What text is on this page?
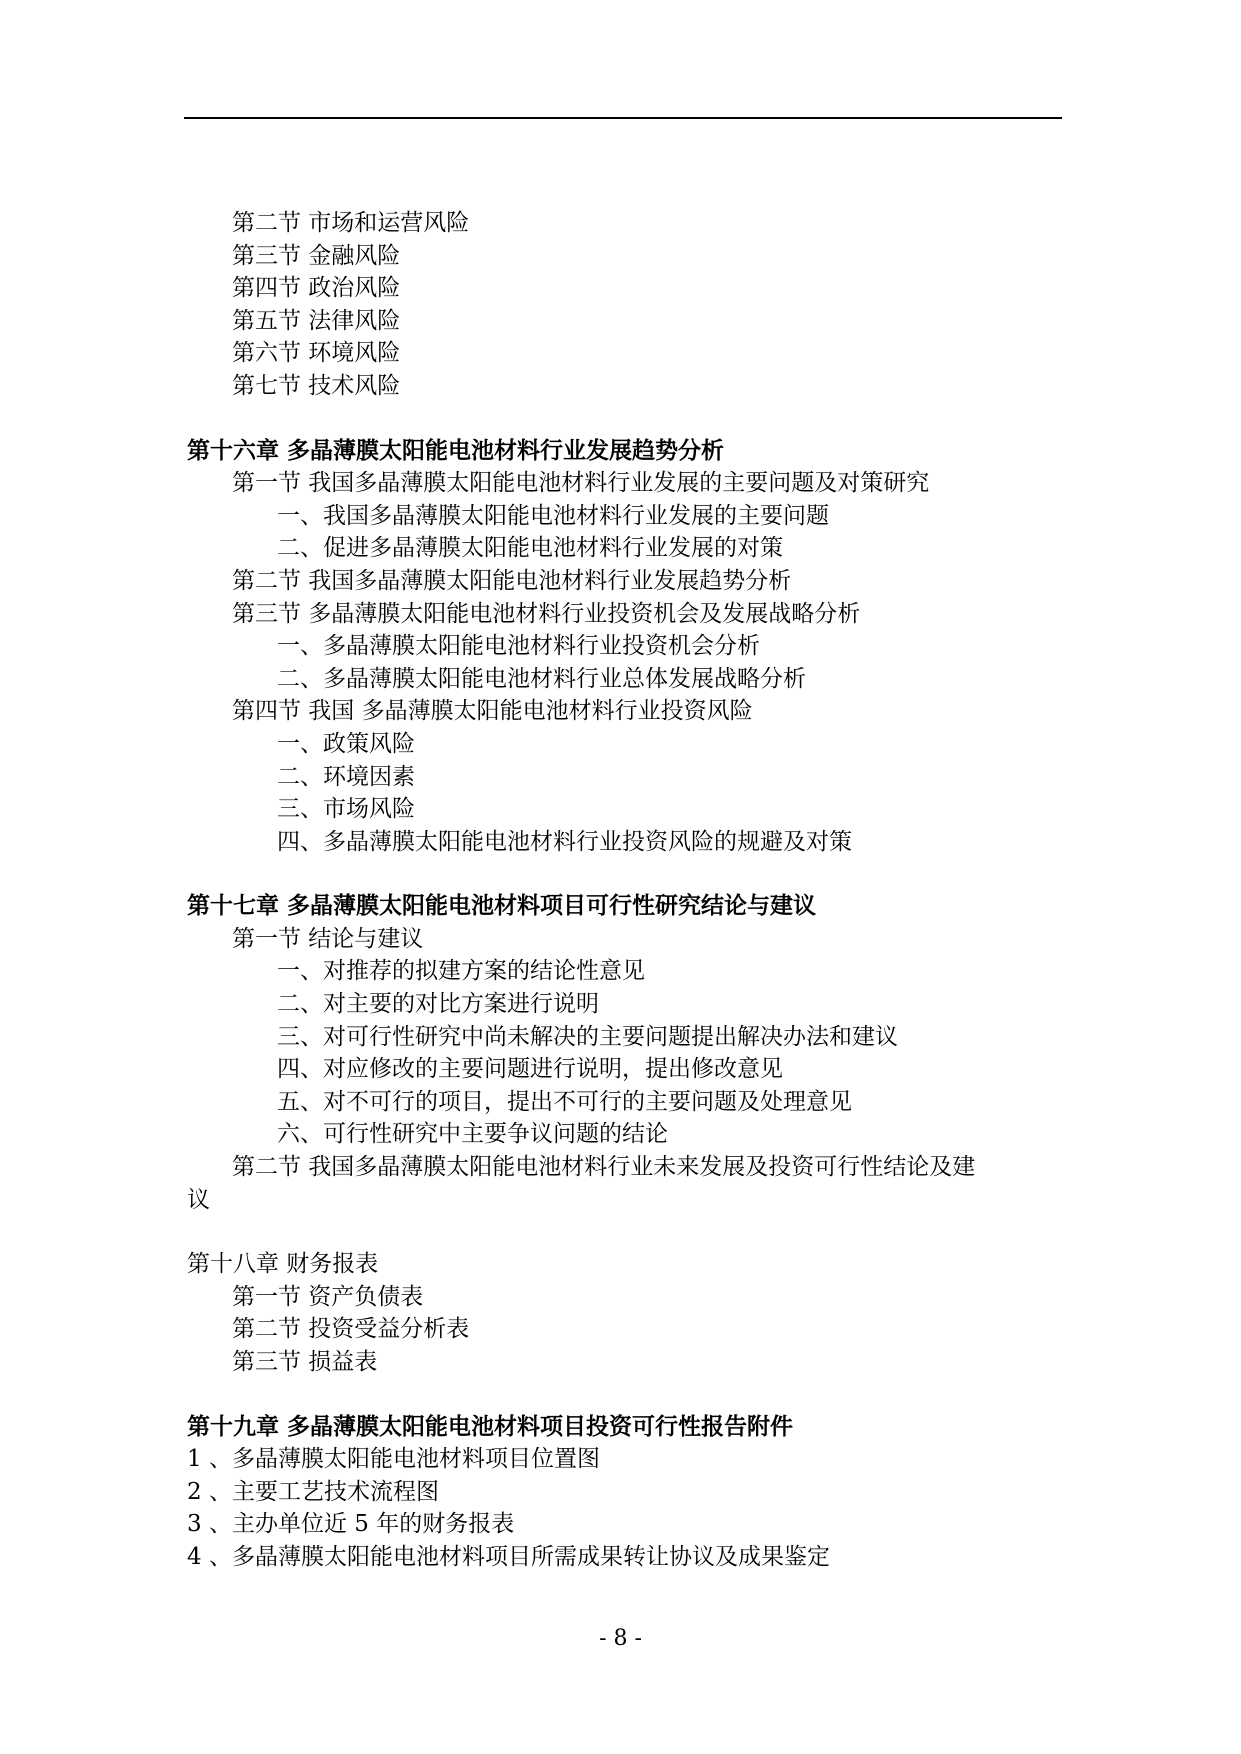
第二节 市场和运营风险
第三节 金融风险
第四节 政治风险
第五节 法律风险
第六节 环境风险
第七节 技术风险
第十六章 多晶薄膜太阳能电池材料行业发展趋势分析
第一节 我国多晶薄膜太阳能电池材料行业发展的主要问题及对策研究
一、我国多晶薄膜太阳能电池材料行业发展的主要问题
二、促进多晶薄膜太阳能电池材料行业发展的对策
第二节 我国多晶薄膜太阳能电池材料行业发展趋势分析
第三节 多晶薄膜太阳能电池材料行业投资机会及发展战略分析
一、多晶薄膜太阳能电池材料行业投资机会分析
二、多晶薄膜太阳能电池材料行业总体发展战略分析
第四节 我国 多晶薄膜太阳能电池材料行业投资风险
一、政策风险
二、环境因素
三、市场风险
四、多晶薄膜太阳能电池材料行业投资风险的规避及对策
第十七章 多晶薄膜太阳能电池材料项目可行性研究结论与建议
第一节 结论与建议
一、对推荐的拟建方案的结论性意见
二、对主要的对比方案进行说明
三、对可行性研究中尚未解决的主要问题提出解决办法和建议
四、对应修改的主要问题进行说明，提出修改意见
五、对不可行的项目，提出不可行的主要问题及处理意见
六、可行性研究中主要争议问题的结论
第二节 我国多晶薄膜太阳能电池材料行业未来发展及投资可行性结论及建
议
第十八章 财务报表
第一节 资产负债表
第二节 投资受益分析表
第三节 损益表
第十九章 多晶薄膜太阳能电池材料项目投资可行性报告附件
1 、多晶薄膜太阳能电池材料项目位置图
2 、主要工艺技术流程图
3 、主办单位近 5 年的财务报表
4 、多晶薄膜太阳能电池材料项目所需成果转让协议及成果鉴定
- 8 -
